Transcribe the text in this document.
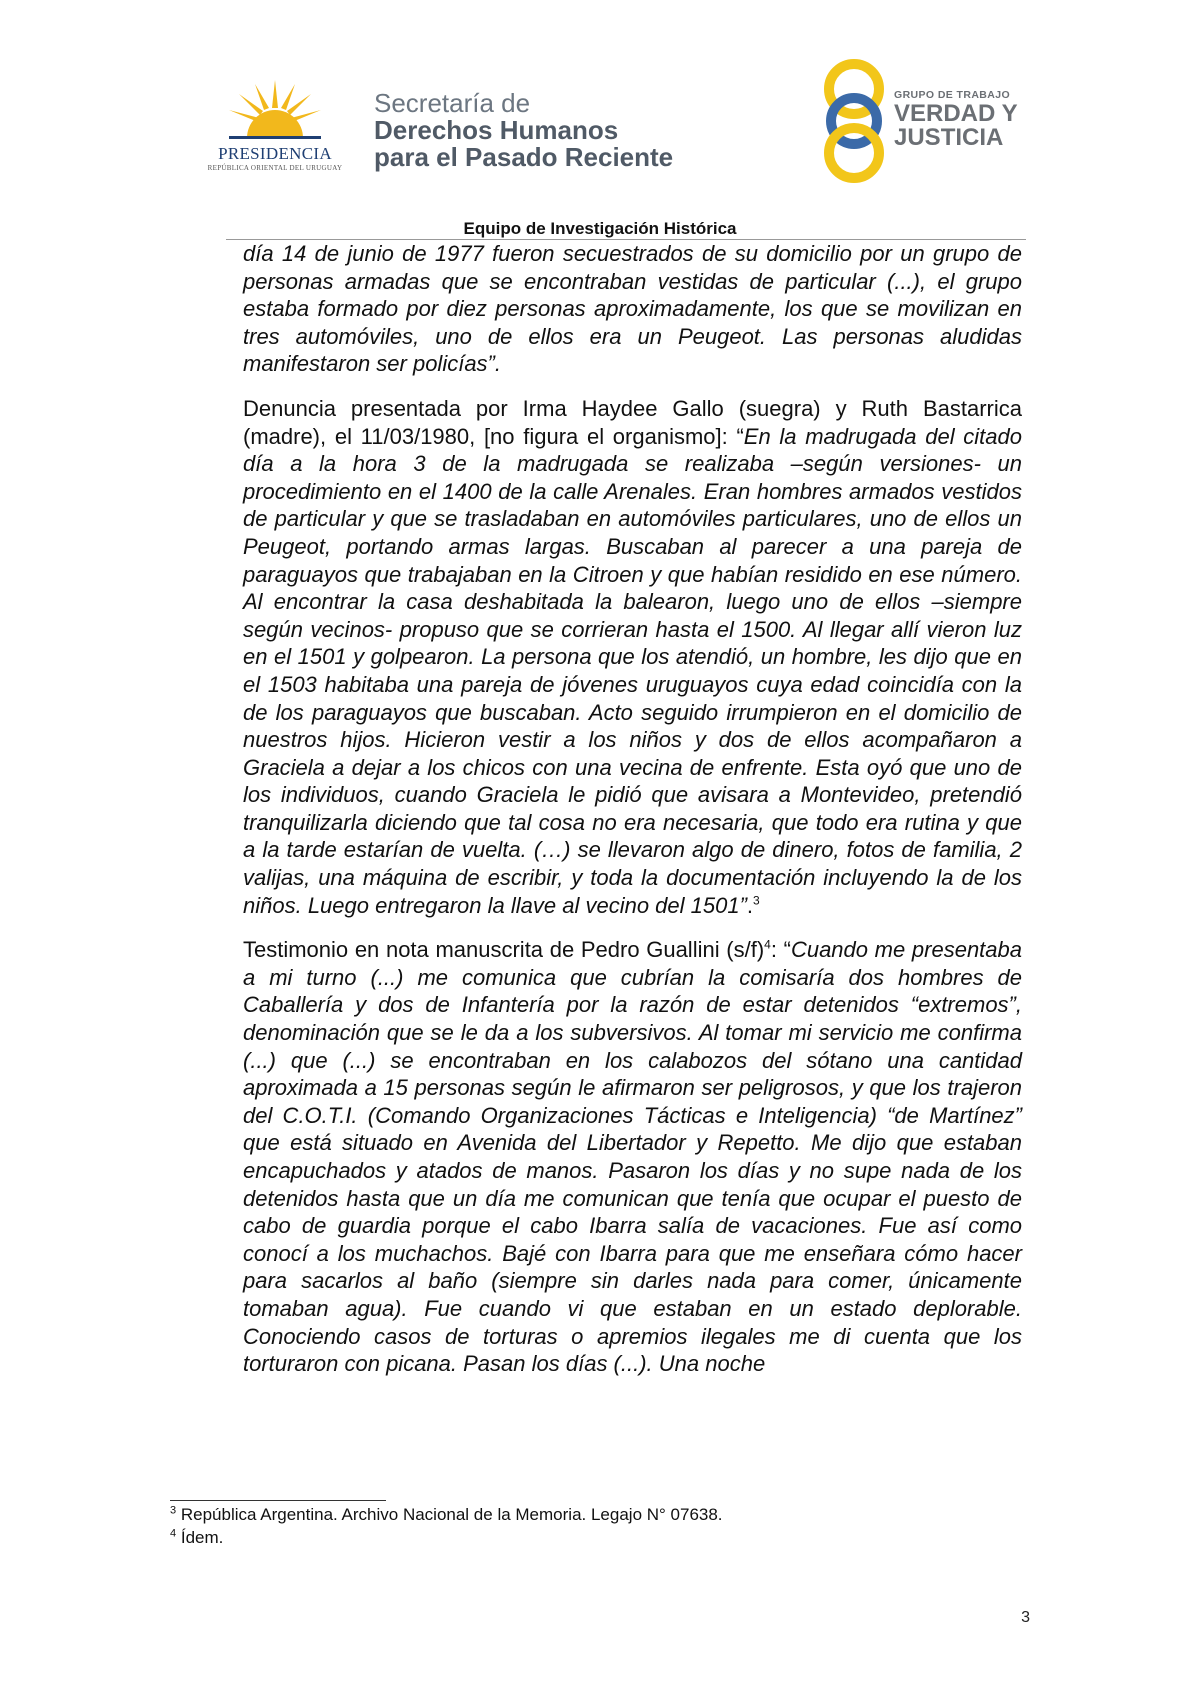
PRESIDENCIA
REPÚBLICA ORIENTAL DEL URUGUAY
Secretaría de
Derechos Humanos
para el Pasado Reciente
GRUPO DE TRABAJO
VERDAD Y
JUSTICIA
Equipo de Investigación Histórica

día 14 de junio de 1977 fueron secuestrados de su domicilio por un grupo de personas armadas que se encontraban vestidas de particular (...), el grupo estaba formado por diez personas aproximadamente, los que se movilizan en tres automóviles, uno de ellos era un Peugeot. Las personas aludidas manifestaron ser policías”.

Denuncia presentada por Irma Haydee Gallo (suegra) y Ruth Bastarrica (madre), el 11/03/1980, [no figura el organismo]: “En la madrugada del citado día a la hora 3 de la madrugada se realizaba –según versiones- un procedimiento en el 1400 de la calle Arenales. Eran hombres armados vestidos de particular y que se trasladaban en automóviles particulares, uno de ellos un Peugeot, portando armas largas. Buscaban al parecer a una pareja de paraguayos que trabajaban en la Citroen y que habían residido en ese número. Al encontrar la casa deshabitada la balearon, luego uno de ellos –siempre según vecinos- propuso que se corrieran hasta el 1500. Al llegar allí vieron luz en el 1501 y golpearon. La persona que los atendió, un hombre, les dijo que en el 1503 habitaba una pareja de jóvenes uruguayos cuya edad coincidía con la de los paraguayos que buscaban. Acto seguido irrumpieron en el domicilio de nuestros hijos. Hicieron vestir a los niños y dos de ellos acompañaron a Graciela a dejar a los chicos con una vecina de enfrente. Esta oyó que uno de los individuos, cuando Graciela le pidió que avisara a Montevideo, pretendió tranquilizarla diciendo que tal cosa no era necesaria, que todo era rutina y que a la tarde estarían de vuelta. (…) se llevaron algo de dinero, fotos de familia, 2 valijas, una máquina de escribir, y toda la documentación incluyendo la de los niños. Luego entregaron la llave al vecino del 1501”.$^3$

Testimonio en nota manuscrita de Pedro Guallini $(s/f)^4$: “Cuando me presentaba a mi turno (...) me comunica que cubrían la comisaría dos hombres de Caballería y dos de Infantería por la razón de estar detenidos “extremos”, denominación que se le da a los subversivos. Al tomar mi servicio me confirma (...) que (...) se encontraban en los calabozos del sótano una cantidad aproximada a 15 personas según le afirmaron ser peligrosos, y que los trajeron del C.O.T.I. (Comando Organizaciones Tácticas e Inteligencia) “de Martínez” que está situado en Avenida del Libertador y Repetto. Me dijo que estaban encapuchados y atados de manos. Pasaron los días y no supe nada de los detenidos hasta que un día me comunican que tenía que ocupar el puesto de cabo de guardia porque el cabo Ibarra salía de vacaciones. Fue así como conocí a los muchachos. Bajé con Ibarra para que me enseñara cómo hacer para sacarlos al baño (siempre sin darles nada para comer, únicamente tomaban agua). Fue cuando vi que estaban en un estado deplorable. Conociendo casos de torturas o apremios ilegales me di cuenta que los torturaron con picana. Pasan los días (...). Una noche

$^3$ República Argentina. Archivo Nacional de la Memoria. Legajo N° 07638.
$^4$ Ídem.
3
